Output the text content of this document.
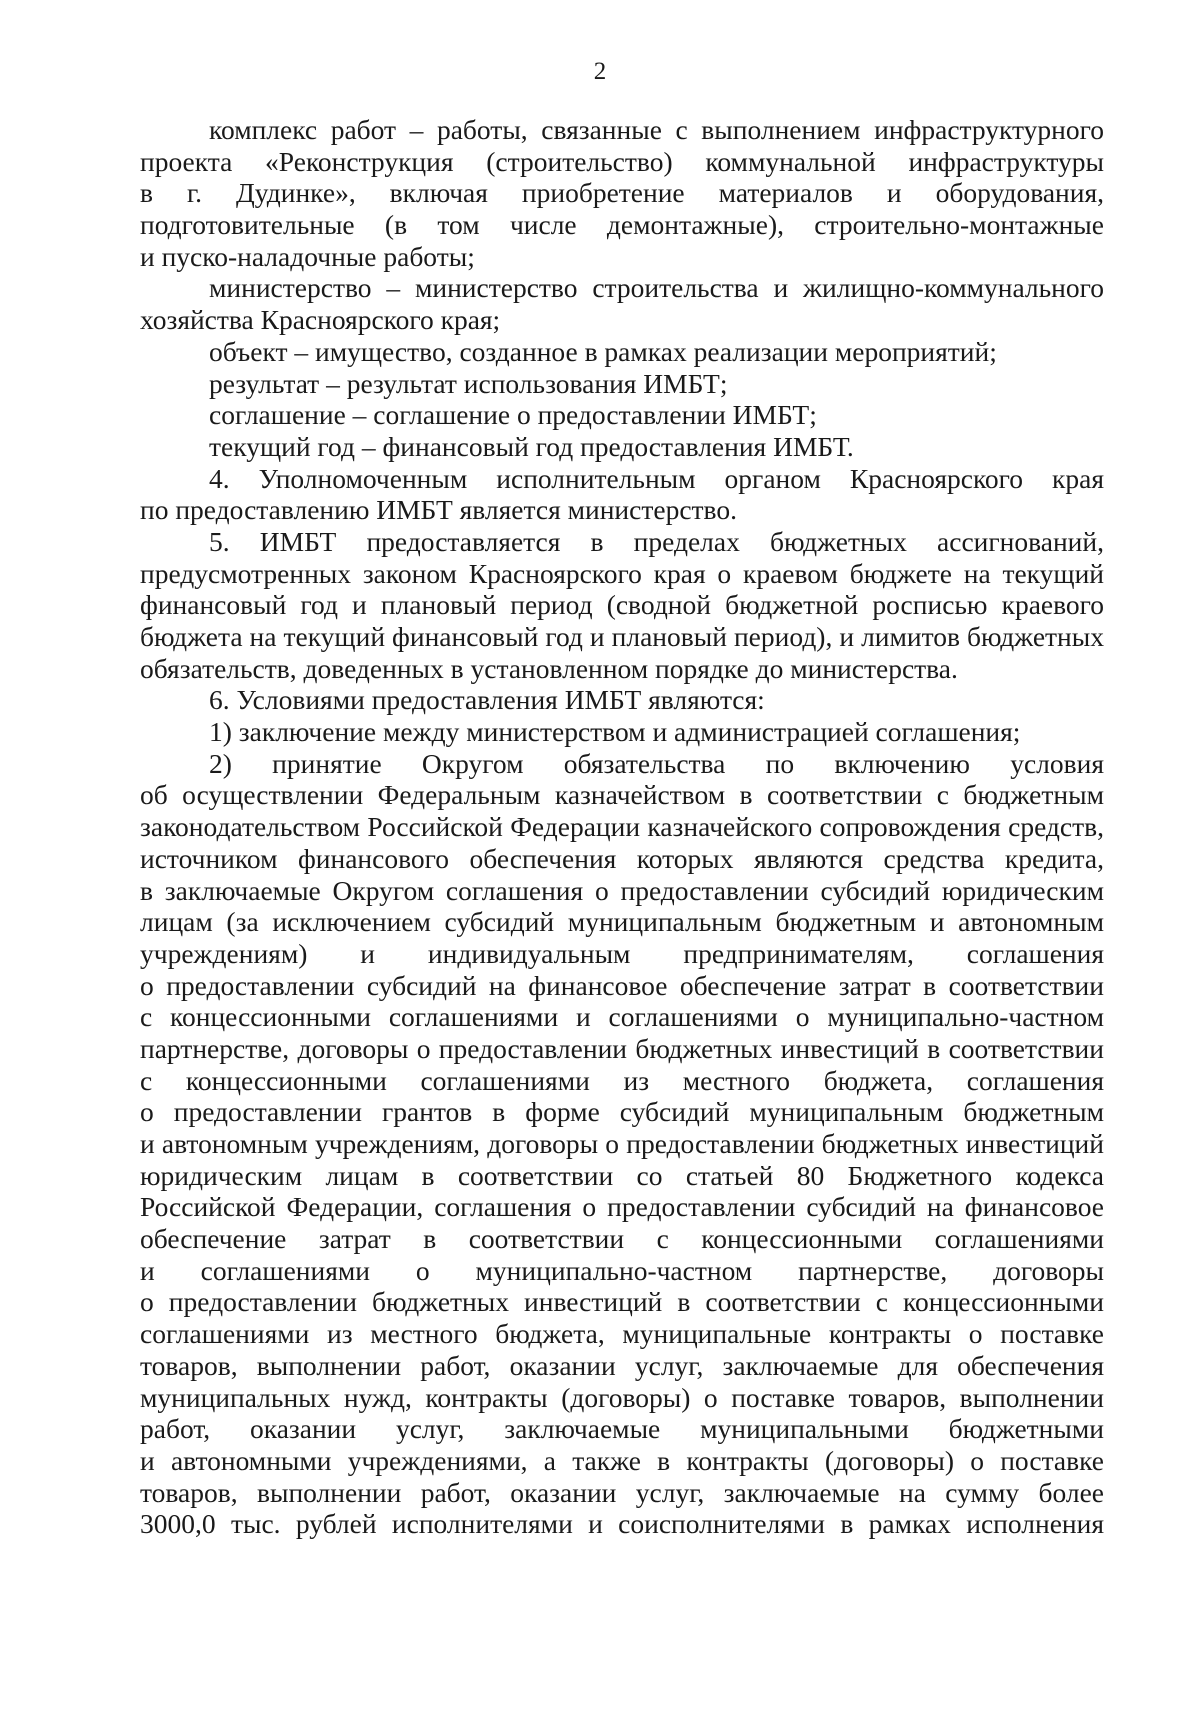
2
комплекс работ – работы, связанные с выполнением инфраструктурного
проекта «Реконструкция (строительство) коммунальной инфраструктуры
в г. Дудинке», включая приобретение материалов и оборудования,
подготовительные (в том числе демонтажные), строительно-монтажные
и пуско-наладочные работы;
министерство – министерство строительства и жилищно-коммунального
хозяйства Красноярского края;
объект – имущество, созданное в рамках реализации мероприятий;
результат – результат использования ИМБТ;
соглашение – соглашение о предоставлении ИМБТ;
текущий год – финансовый год предоставления ИМБТ.
4. Уполномоченным исполнительным органом Красноярского края
по предоставлению ИМБТ является министерство.
5. ИМБТ предоставляется в пределах бюджетных ассигнований,
предусмотренных законом Красноярского края о краевом бюджете на текущий
финансовый год и плановый период (сводной бюджетной росписью краевого
бюджета на текущий финансовый год и плановый период), и лимитов бюджетных
обязательств, доведенных в установленном порядке до министерства.
6. Условиями предоставления ИМБТ являются:
1) заключение между министерством и администрацией соглашения;
2) принятие Округом обязательства по включению условия
об осуществлении Федеральным казначейством в соответствии с бюджетным
законодательством Российской Федерации казначейского сопровождения средств,
источником финансового обеспечения которых являются средства кредита,
в заключаемые Округом соглашения о предоставлении субсидий юридическим
лицам (за исключением субсидий муниципальным бюджетным и автономным
учреждениям) и индивидуальным предпринимателям, соглашения
о предоставлении субсидий на финансовое обеспечение затрат в соответствии
с концессионными соглашениями и соглашениями о муниципально-частном
партнерстве, договоры о предоставлении бюджетных инвестиций в соответствии
с концессионными соглашениями из местного бюджета, соглашения
о предоставлении грантов в форме субсидий муниципальным бюджетным
и автономным учреждениям, договоры о предоставлении бюджетных инвестиций
юридическим лицам в соответствии со статьей 80 Бюджетного кодекса
Российской Федерации, соглашения о предоставлении субсидий на финансовое
обеспечение затрат в соответствии с концессионными соглашениями
и соглашениями о муниципально-частном партнерстве, договоры
о предоставлении бюджетных инвестиций в соответствии с концессионными
соглашениями из местного бюджета, муниципальные контракты о поставке
товаров, выполнении работ, оказании услуг, заключаемые для обеспечения
муниципальных нужд, контракты (договоры) о поставке товаров, выполнении
работ, оказании услуг, заключаемые муниципальными бюджетными
и автономными учреждениями, а также в контракты (договоры) о поставке
товаров, выполнении работ, оказании услуг, заключаемые на сумму более
3000,0 тыс. рублей исполнителями и соисполнителями в рамках исполнения
